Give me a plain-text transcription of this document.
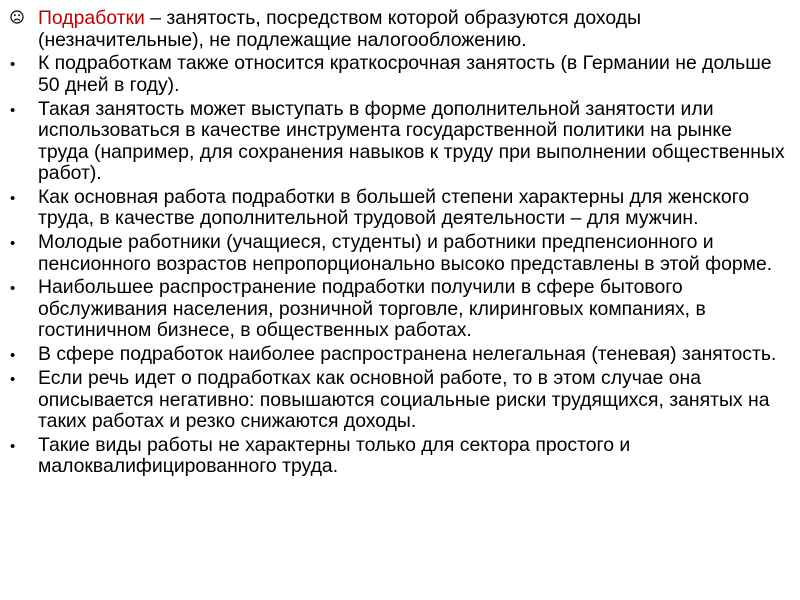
Подработки – занятость, посредством которой образуются доходы (незначительные), не подлежащие налогообложению.
• К подработкам также относится краткосрочная занятость (в Германии не дольше 50 дней в году).
• Такая занятость может выступать в форме дополнительной занятости или использоваться в качестве инструмента государственной политики на рынке труда (например, для сохранения навыков к труду при выполнении общественных работ).
• Как основная работа подработки в большей степени характерны для женского труда, в качестве дополнительной трудовой деятельности – для мужчин.
• Молодые работники (учащиеся, студенты) и работники предпенсионного и пенсионного возрастов непропорционально высоко представлены в этой форме.
• Наибольшее распространение подработки получили в сфере бытового обслуживания населения, розничной торговле, клиринговых компаниях, в гостиничном бизнесе, в общественных работах.
• В сфере подработок наиболее распространена нелегальная (теневая) занятость.
• Если речь идет о подработках как основной работе, то в этом случае она описывается негативно: повышаются социальные риски трудящихся, занятых на таких работах и резко снижаются доходы.
• Такие виды работы не характерны только для сектора простого и малоквалифицированного труда.
